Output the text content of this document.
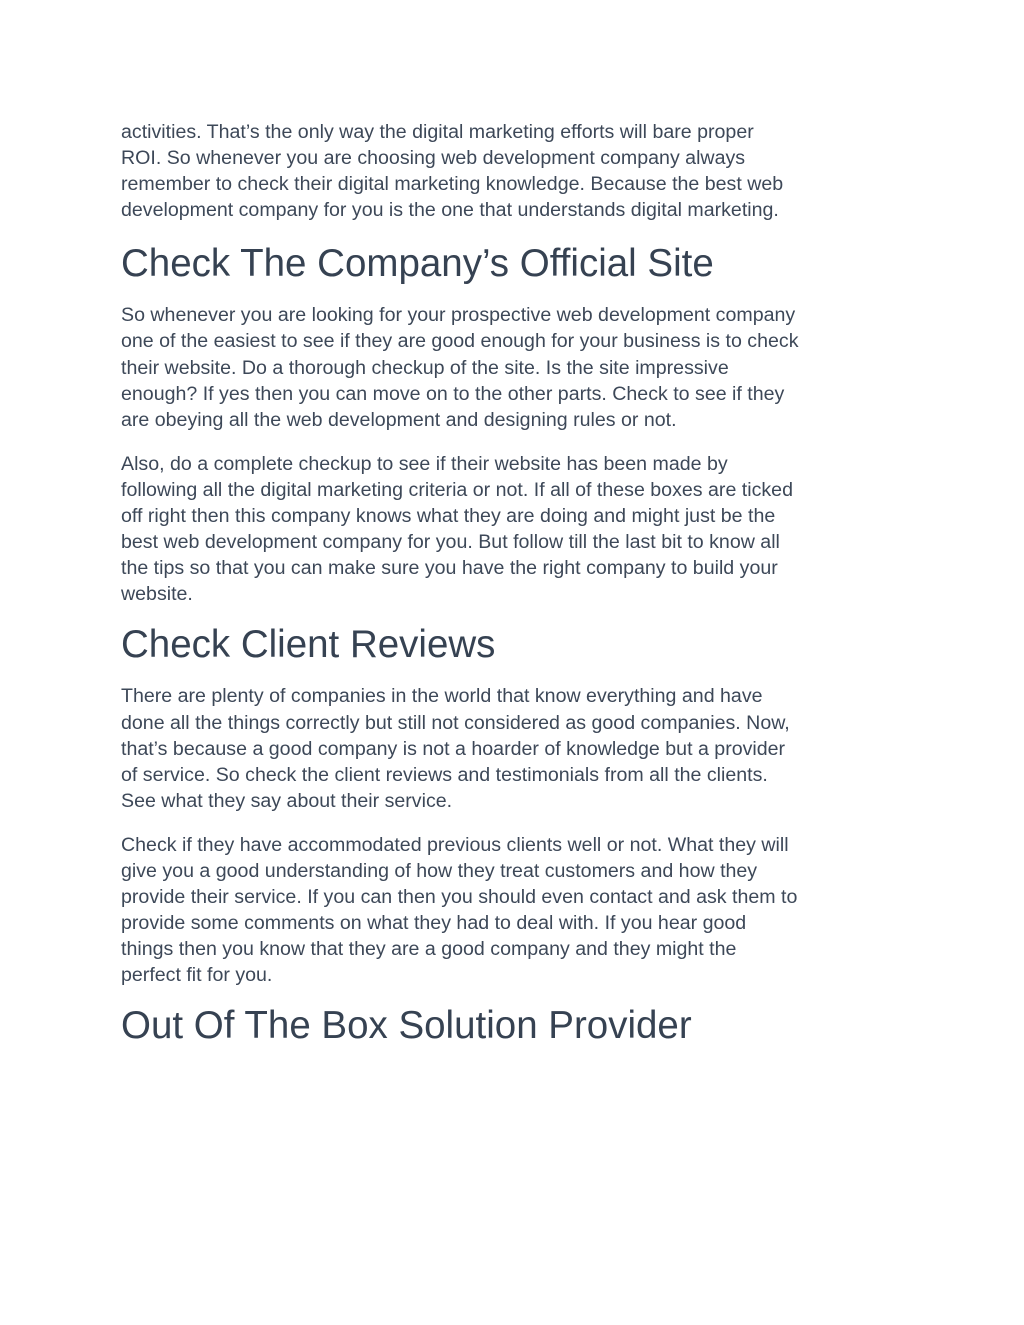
activities. That’s the only way the digital marketing efforts will bare proper
ROI. So whenever you are choosing web development company always
remember to check their digital marketing knowledge. Because the best web
development company for you is the one that understands digital marketing.

Check The Company’s Official Site

So whenever you are looking for your prospective web development company
one of the easiest to see if they are good enough for your business is to check
their website. Do a thorough checkup of the site. Is the site impressive
enough? If yes then you can move on to the other parts. Check to see if they
are obeying all the web development and designing rules or not.

Also, do a complete checkup to see if their website has been made by
following all the digital marketing criteria or not. If all of these boxes are ticked
off right then this company knows what they are doing and might just be the
best web development company for you. But follow till the last bit to know all
the tips so that you can make sure you have the right company to build your
website.

Check Client Reviews

There are plenty of companies in the world that know everything and have
done all the things correctly but still not considered as good companies. Now,
that’s because a good company is not a hoarder of knowledge but a provider
of service. So check the client reviews and testimonials from all the clients.
See what they say about their service.

Check if they have accommodated previous clients well or not. What they will
give you a good understanding of how they treat customers and how they
provide their service. If you can then you should even contact and ask them to
provide some comments on what they had to deal with. If you hear good
things then you know that they are a good company and they might the
perfect fit for you.

Out Of The Box Solution Provider
